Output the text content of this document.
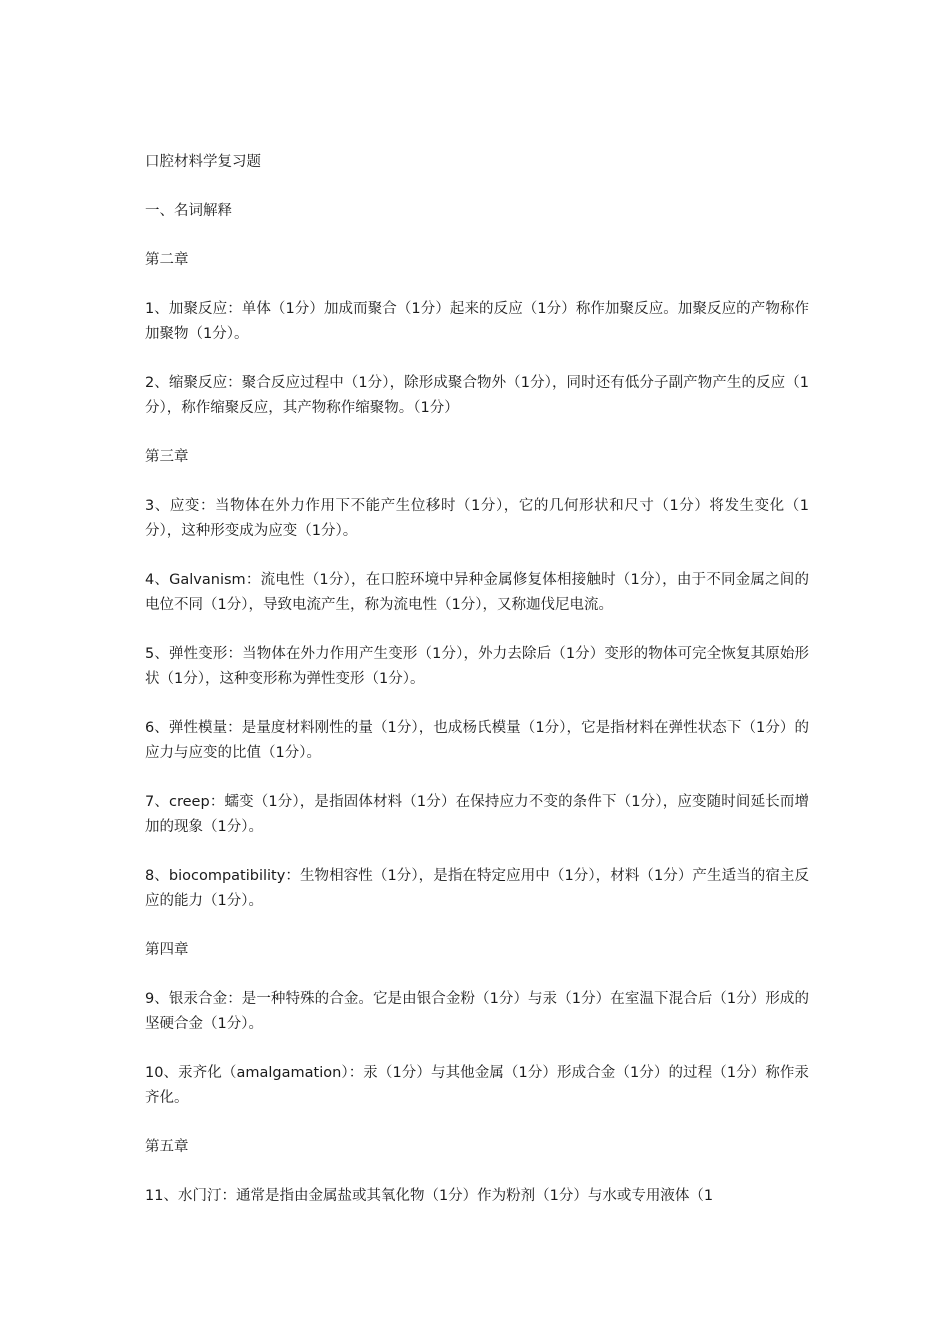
口腔材料学复习题

一、名词解释

第二章

1、加聚反应：单体（1分）加成而聚合（1分）起来的反应（1分）称作加聚反应。加聚反应的产物称作加聚物（1分）。

2、缩聚反应：聚合反应过程中（1分），除形成聚合物外（1分），同时还有低分子副产物产生的反应（1分），称作缩聚反应，其产物称作缩聚物。（1分）

第三章

3、应变：当物体在外力作用下不能产生位移时（1分），它的几何形状和尺寸（1分）将发生变化（1分），这种形变成为应变（1分）。

4、Galvanism：流电性（1分），在口腔环境中异种金属修复体相接触时（1分），由于不同金属之间的电位不同（1分），导致电流产生，称为流电性（1分），又称迦伐尼电流。

5、弹性变形：当物体在外力作用产生变形（1分），外力去除后（1分）变形的物体可完全恢复其原始形状（1分），这种变形称为弹性变形（1分）。

6、弹性模量：是量度材料刚性的量（1分），也成杨氏模量（1分），它是指材料在弹性状态下（1分）的应力与应变的比值（1分）。

7、creep：蠕变（1分），是指固体材料（1分）在保持应力不变的条件下（1分），应变随时间延长而增加的现象（1分）。

8、biocompatibility：生物相容性（1分），是指在特定应用中（1分），材料（1分）产生适当的宿主反应的能力（1分）。

第四章

9、银汞合金：是一种特殊的合金。它是由银合金粉（1分）与汞（1分）在室温下混合后（1分）形成的坚硬合金（1分）。

10、汞齐化（amalgamation）：汞（1分）与其他金属（1分）形成合金（1分）的过程（1分）称作汞齐化。

第五章

11、水门汀：通常是指由金属盐或其氧化物（1分）作为粉剂（1分）与水或专用液体（1
